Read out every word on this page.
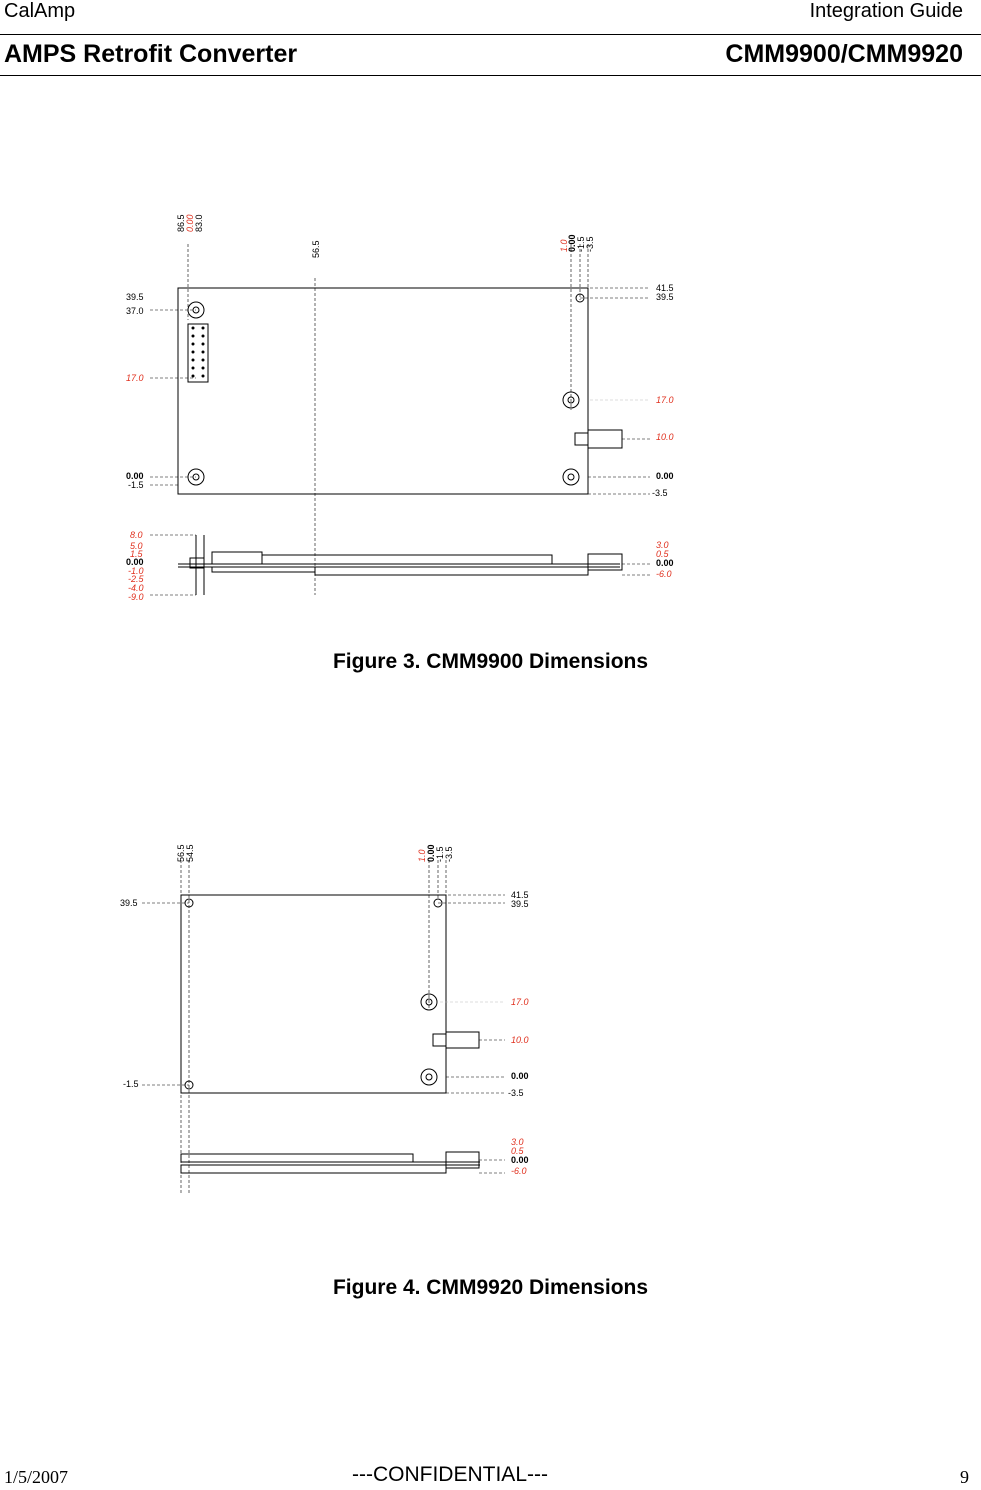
CalAmp	Integration Guide
AMPS Retrofit Converter	CMM9900/CMM9920
86.5 0.00 83.0
56.5	1.0
0.00 -1.5 -3.5
39.5
37.0
17.0
0.00
-1.5
41.5
39.5
17.0
10.0
0.00
-3.5
8.0
5.0
1.5
0.00
-1.0
-2.5
-4.0
-9.0
3.0
0.5
0.00
-6.0
Figure 3. CMM9900 Dimensions
56.5 54.5	1.0 0.00 -1.5 -3.5
39.5
-1.5
41.5
39.5
17.0
10.0
0.00
-3.5
3.0
0.5
0.00
-6.0
Figure 4. CMM9920 Dimensions
1/5/2007	---CONFIDENTIAL---	9
